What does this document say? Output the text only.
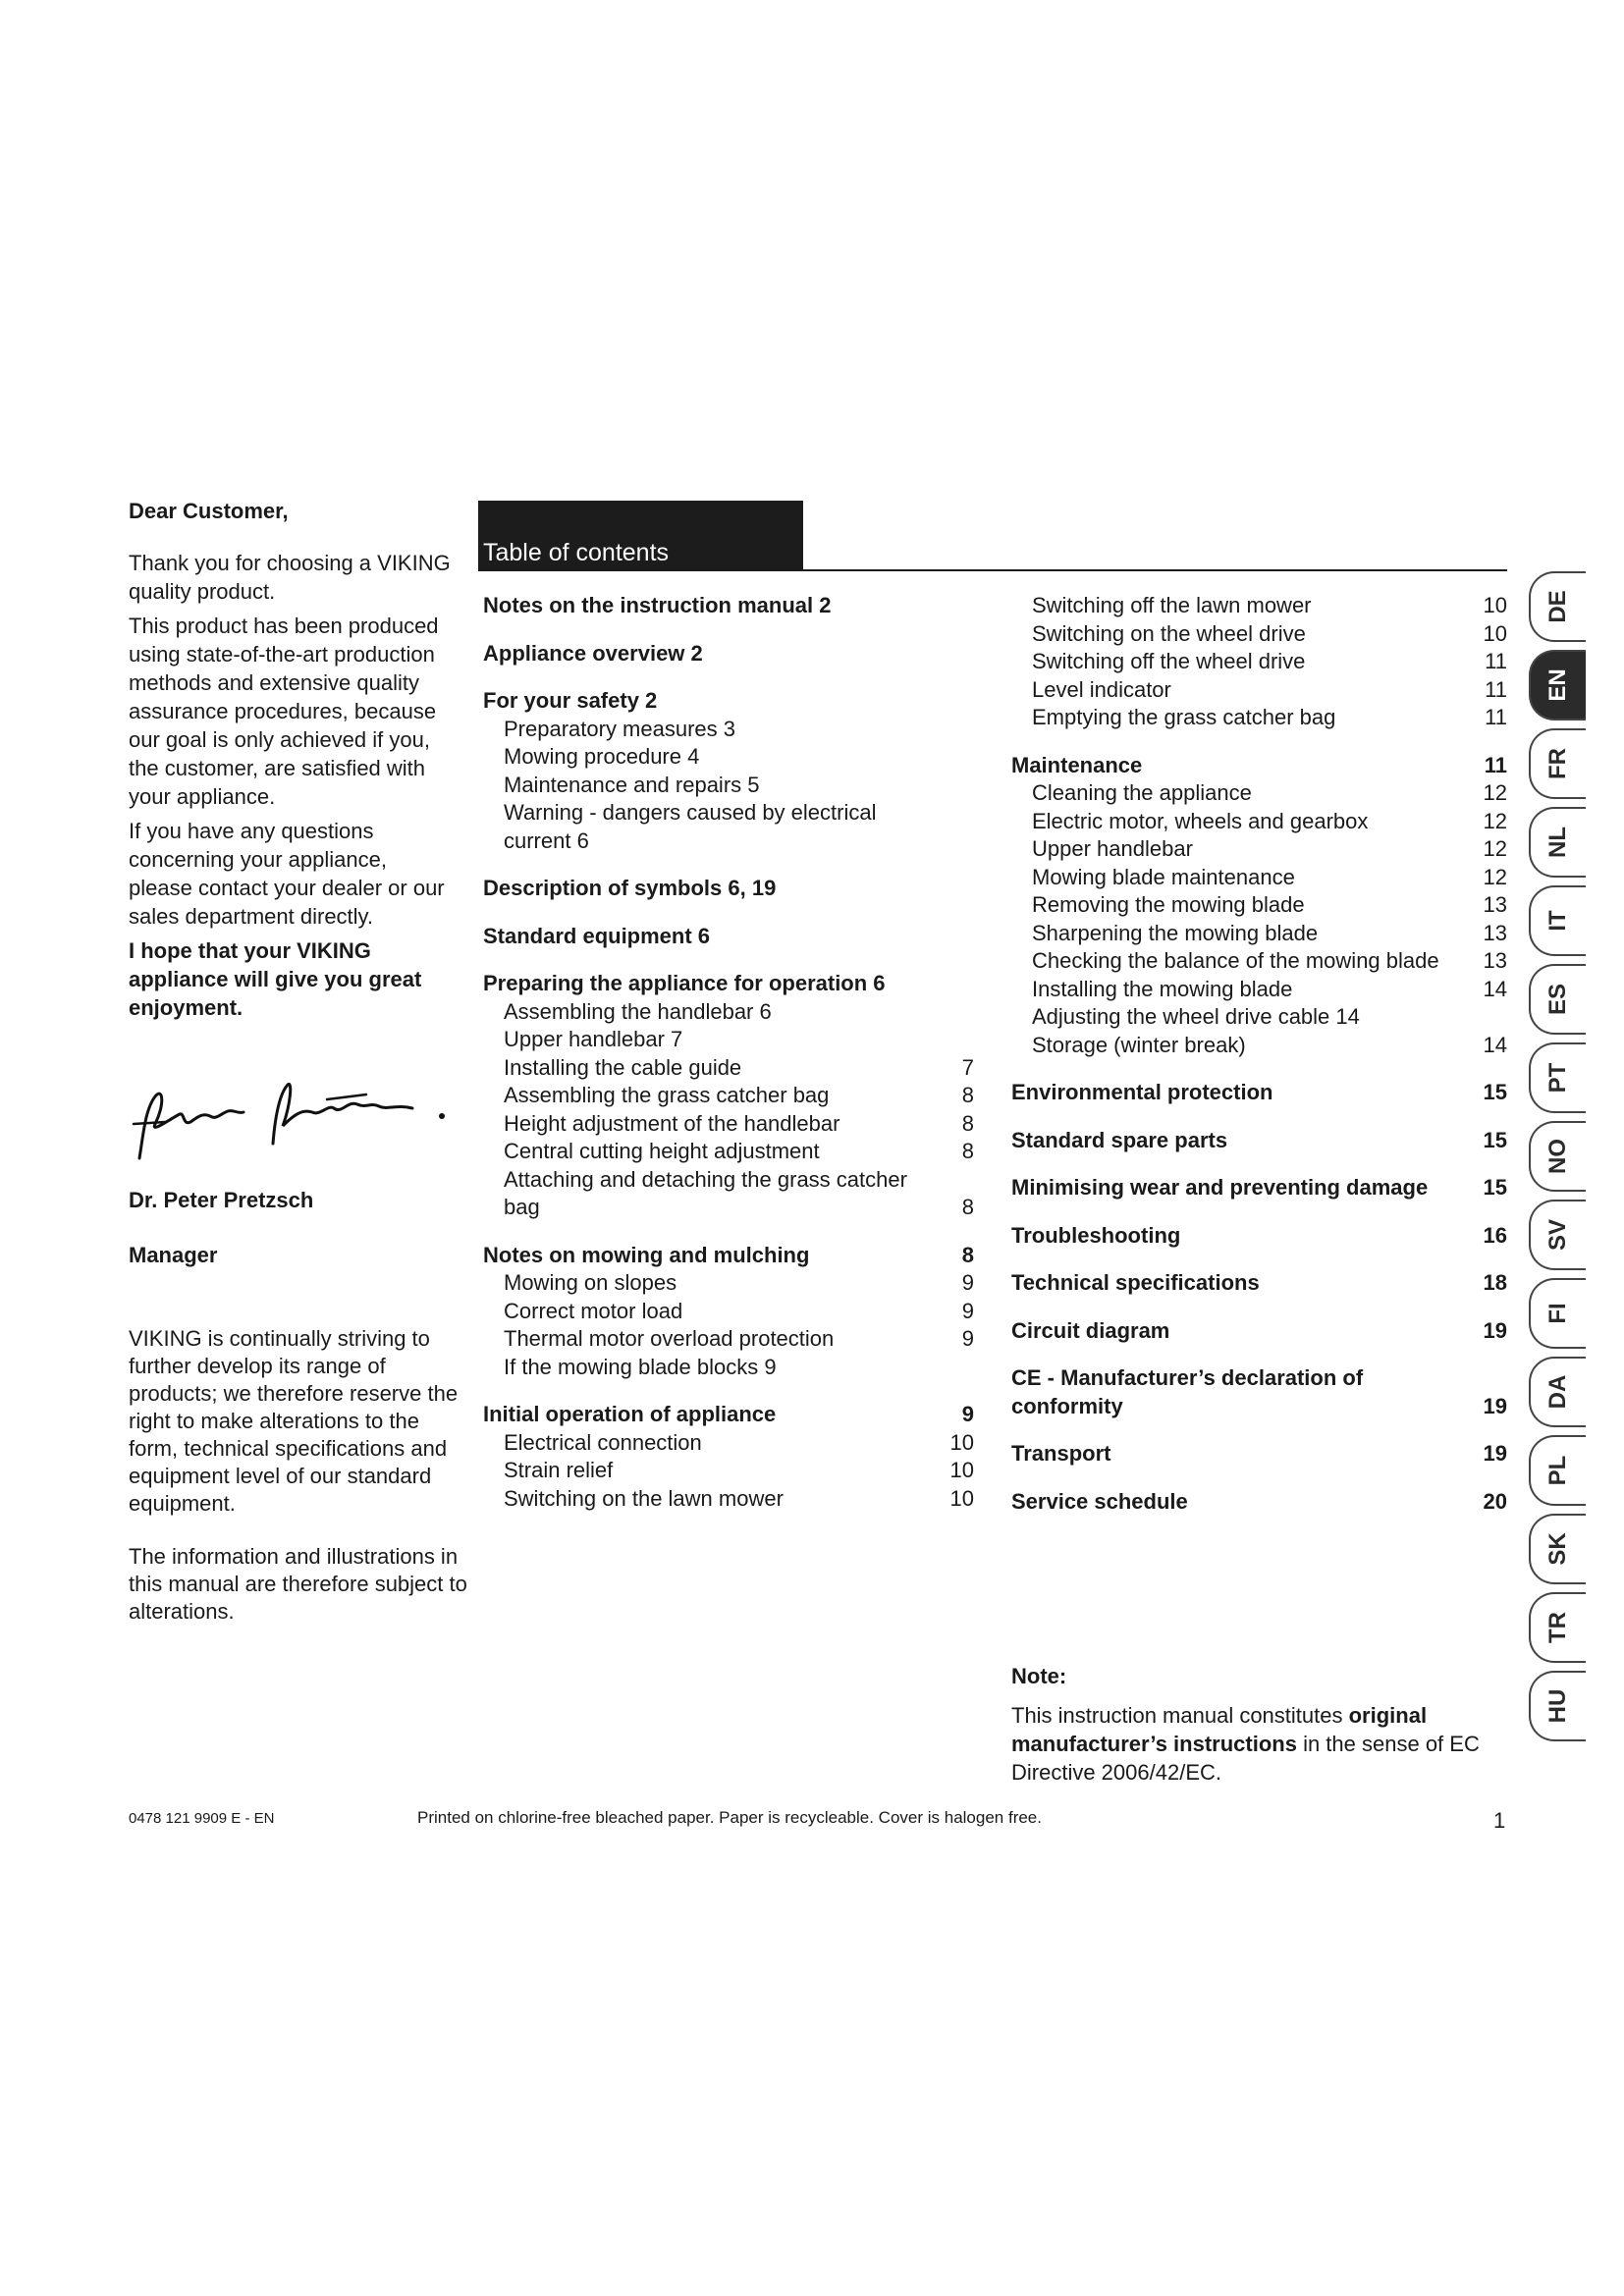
Dear Customer,

Thank you for choosing a VIKING quality product.

This product has been produced using state-of-the-art production methods and extensive quality assurance procedures, because our goal is only achieved if you, the customer, are satisfied with your appliance.

If you have any questions concerning your appliance, please contact your dealer or our sales department directly.

I hope that your VIKING appliance will give you great enjoyment.

Dr. Peter Pretzsch
Manager

VIKING is continually striving to further develop its range of products; we therefore reserve the right to make alterations to the form, technical specifications and equipment level of our standard equipment.

The information and illustrations in this manual are therefore subject to alterations.

Table of contents
Notes on the instruction manual 2
Appliance overview 2
For your safety 2
Preparatory measures 3
Mowing procedure 4
Maintenance and repairs 5
Warning - dangers caused by electrical current 6
Description of symbols 6, 19
Standard equipment 6
Preparing the appliance for operation 6
Assembling the handlebar 6
Upper handlebar 7
Installing the cable guide	7
Assembling the grass catcher bag	8
Height adjustment of the handlebar	8
Central cutting height adjustment	8
Attaching and detaching the grass catcher bag	8
Notes on mowing and mulching	8
Mowing on slopes	9
Correct motor load	9
Thermal motor overload protection	9
If the mowing blade blocks 9
Initial operation of appliance	9
Electrical connection	10
Strain relief	10
Switching on the lawn mower	10
Switching off the lawn mower	10
Switching on the wheel drive	10
Switching off the wheel drive	11
Level indicator	11
Emptying the grass catcher bag	11
Maintenance	11
Cleaning the appliance	12
Electric motor, wheels and gearbox	12
Upper handlebar	12
Mowing blade maintenance	12
Removing the mowing blade	13
Sharpening the mowing blade	13
Checking the balance of the mowing blade	13
Installing the mowing blade	14
Adjusting the wheel drive cable 14
Storage (winter break)	14
Environmental protection	15
Standard spare parts	15
Minimising wear and preventing damage	15
Troubleshooting	16
Technical specifications	18
Circuit diagram	19
CE - Manufacturer’s declaration of conformity	19
Transport	19
Service schedule	20
DE
EN
FR
NL
IT
ES
PT
NO
SV
FI
DA
PL
SK
TR
HU
Note:
This instruction manual constitutes original manufacturer’s instructions in the sense of EC Directive 2006/42/EC.
0478 121 9909 E - EN	Printed on chlorine-free bleached paper. Paper is recycleable. Cover is halogen free.	1
